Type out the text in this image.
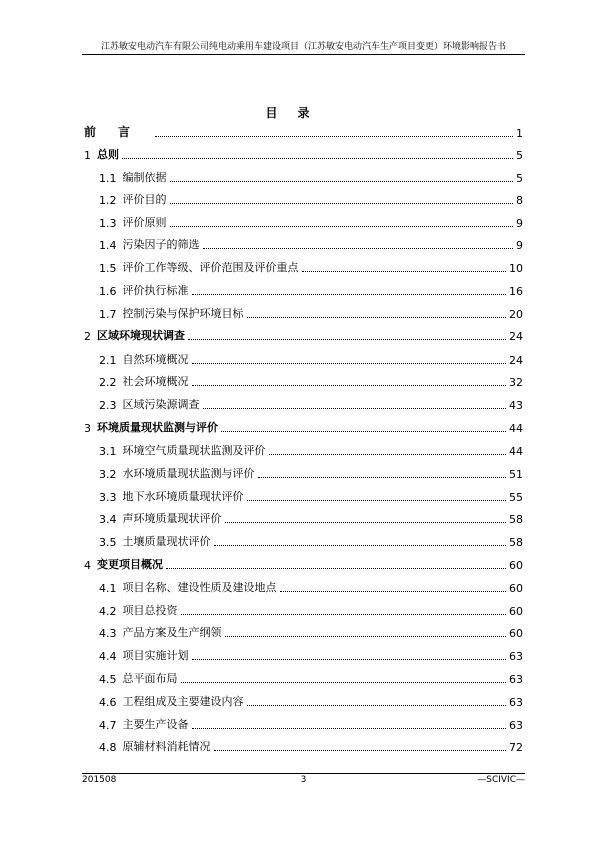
江苏敏安电动汽车有限公司纯电动乘用车建设项目（江苏敏安电动汽车生产项目变更）环境影响报告书
目录
前言	1
1 总则	5
1.1 编制依据	5
1.2 评价目的	8
1.3 评价原则	9
1.4 污染因子的筛选	9
1.5 评价工作等级、评价范围及评价重点	10
1.6 评价执行标准	16
1.7 控制污染与保护环境目标	20
2 区域环境现状调查	24
2.1 自然环境概况	24
2.2 社会环境概况	32
2.3 区域污染源调查	43
3 环境质量现状监测与评价	44
3.1 环境空气质量现状监测及评价	44
3.2 水环境质量现状监测与评价	51
3.3 地下水环境质量现状评价	55
3.4 声环境质量现状评价	58
3.5 土壤质量现状评价	58
4 变更项目概况	60
4.1 项目名称、建设性质及建设地点	60
4.2 项目总投资	60
4.3 产品方案及生产纲领	60
4.4 项目实施计划	63
4.5 总平面布局	63
4.6 工程组成及主要建设内容	63
4.7 主要生产设备	63
4.8 原辅材料消耗情况	72
201508	3	—SCIVIC—
